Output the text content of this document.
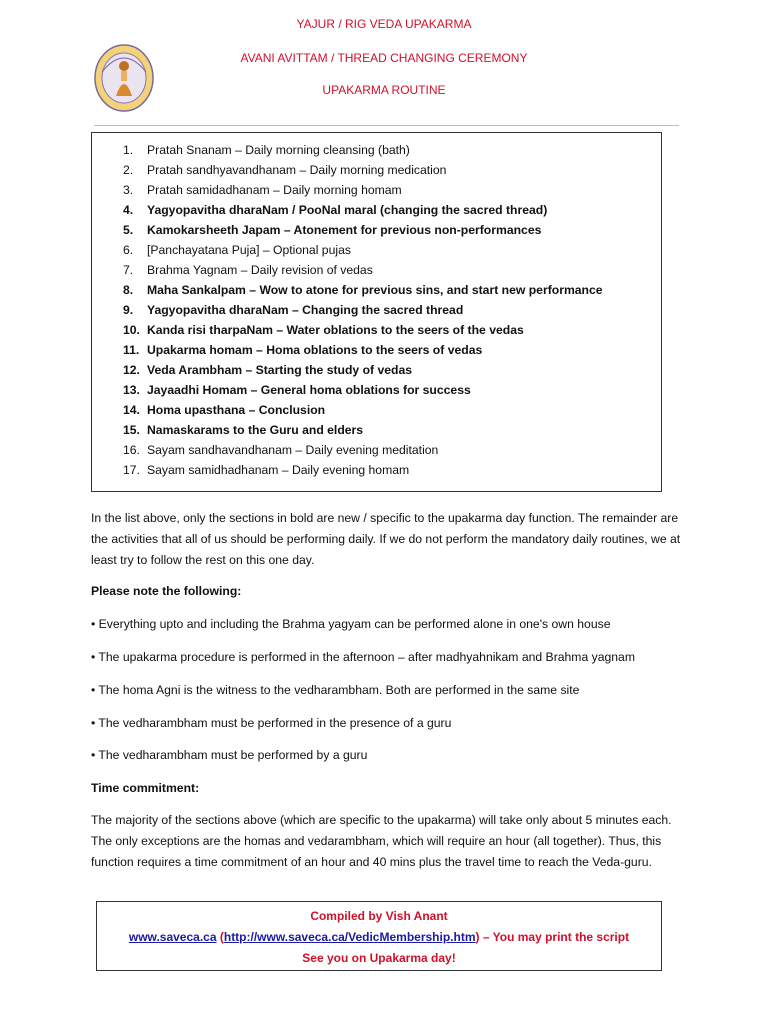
YAJUR / RIG VEDA UPAKARMA
AVANI AVITTAM / THREAD CHANGING CEREMONY
UPAKARMA ROUTINE
1. Pratah Snanam – Daily morning cleansing (bath)
2. Pratah sandhyavandhanam – Daily morning medication
3. Pratah samidadhanam – Daily morning homam
4. Yagyopavitha dharaNam / PooNal maral (changing the sacred thread)
5. Kamokarsheeth Japam – Atonement for previous non-performances
6. [Panchayatana Puja] – Optional pujas
7. Brahma Yagnam – Daily revision of vedas
8. Maha Sankalpam – Wow to atone for previous sins, and start new performance
9. Yagyopavitha dharaNam – Changing the sacred thread
10. Kanda risi tharpaNam – Water oblations to the seers of the vedas
11. Upakarma homam – Homa oblations to the seers of vedas
12. Veda Arambham – Starting the study of vedas
13. Jayaadhi Homam – General homa oblations for success
14. Homa upasthana – Conclusion
15. Namaskarams to the Guru and elders
16. Sayam sandhavandhanam – Daily evening meditation
17. Sayam samidhadhanam – Daily evening homam
In the list above, only the sections in bold are new / specific to the upakarma day function. The remainder are the activities that all of us should be performing daily. If we do not perform the mandatory daily routines, we at least try to follow the rest on this one day.
Please note the following:
• Everything upto and including the Brahma yagyam can be performed alone in one's own house
• The upakarma procedure is performed in the afternoon – after madhyahnikam and Brahma yagnam
• The homa Agni is the witness to the vedharambham. Both are performed in the same site
• The vedharambham must be performed in the presence of a guru
• The vedharambham must be performed by a guru
Time commitment:
The majority of the sections above (which are specific to the upakarma) will take only about 5 minutes each. The only exceptions are the homas and vedarambham, which will require an hour (all together). Thus, this function requires a time commitment of an hour and 40 mins plus the travel time to reach the Veda-guru.
Compiled by Vish Anant
www.saveca.ca (http://www.saveca.ca/VedicMembership.htm) – You may print the script
See you on Upakarma day!
